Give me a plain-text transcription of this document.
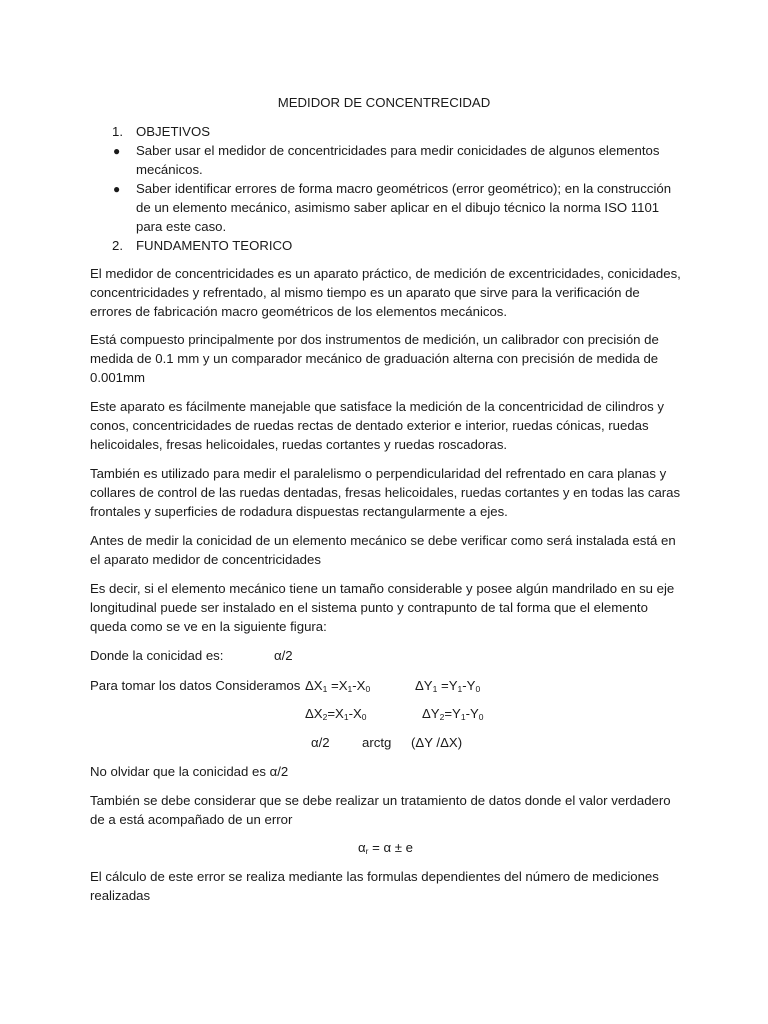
MEDIDOR DE CONCENTRECIDAD
1. OBJETIVOS
● Saber usar el medidor de concentricidades para medir conicidades de algunos elementos mecánicos.
● Saber identificar errores de forma macro geométricos (error geométrico); en la construcción de un elemento mecánico, asimismo saber aplicar en el dibujo técnico la norma ISO 1101 para este caso.
2. FUNDAMENTO TEORICO
El medidor de concentricidades es un aparato práctico, de medición de excentricidades, conicidades, concentricidades y refrentado, al mismo tiempo es un aparato que sirve para la verificación de errores de fabricación macro geométricos de los elementos mecánicos.
Está compuesto principalmente por dos instrumentos de medición, un calibrador con precisión de medida de 0.1 mm y un comparador mecánico de graduación alterna con precisión de medida de 0.001mm
Este aparato es fácilmente manejable que satisface la medición de la concentricidad de cilindros y conos, concentricidades de ruedas rectas de dentado exterior e interior, ruedas cónicas, ruedas helicoidales, fresas helicoidales, ruedas cortantes y ruedas roscadoras.
También es utilizado para medir el paralelismo o perpendicularidad del refrentado en cara planas y collares de control de las ruedas dentadas, fresas helicoidales, ruedas cortantes y en todas las caras frontales y superficies de rodadura dispuestas rectangularmente a ejes.
Antes de medir la conicidad de un elemento mecánico se debe verificar como será instalada está en el aparato medidor de concentricidades
Es decir, si el elemento mecánico tiene un tamaño considerable y posee algún mandrilado en su eje longitudinal puede ser instalado en el sistema punto y contrapunto de tal forma que el elemento queda como se ve en la siguiente figura:
Donde la conicidad es:	α/2
Para tomar los datos Consideramos $\Delta X_1 =X_1-X_0$	$\Delta Y_1 =Y_1-Y_0$
$\Delta X_2=X_1-X_0$	$\Delta Y_2=Y_1-Y_0$
α/2 arctg (ΔY /ΔX)
No olvidar que la conicidad es α/2
También se debe considerar que se debe realizar un tratamiento de datos donde el valor verdadero de a está acompañado de un error
$\alpha_r = \alpha \pm e$
El cálculo de este error se realiza mediante las formulas dependientes del número de mediciones realizadas
